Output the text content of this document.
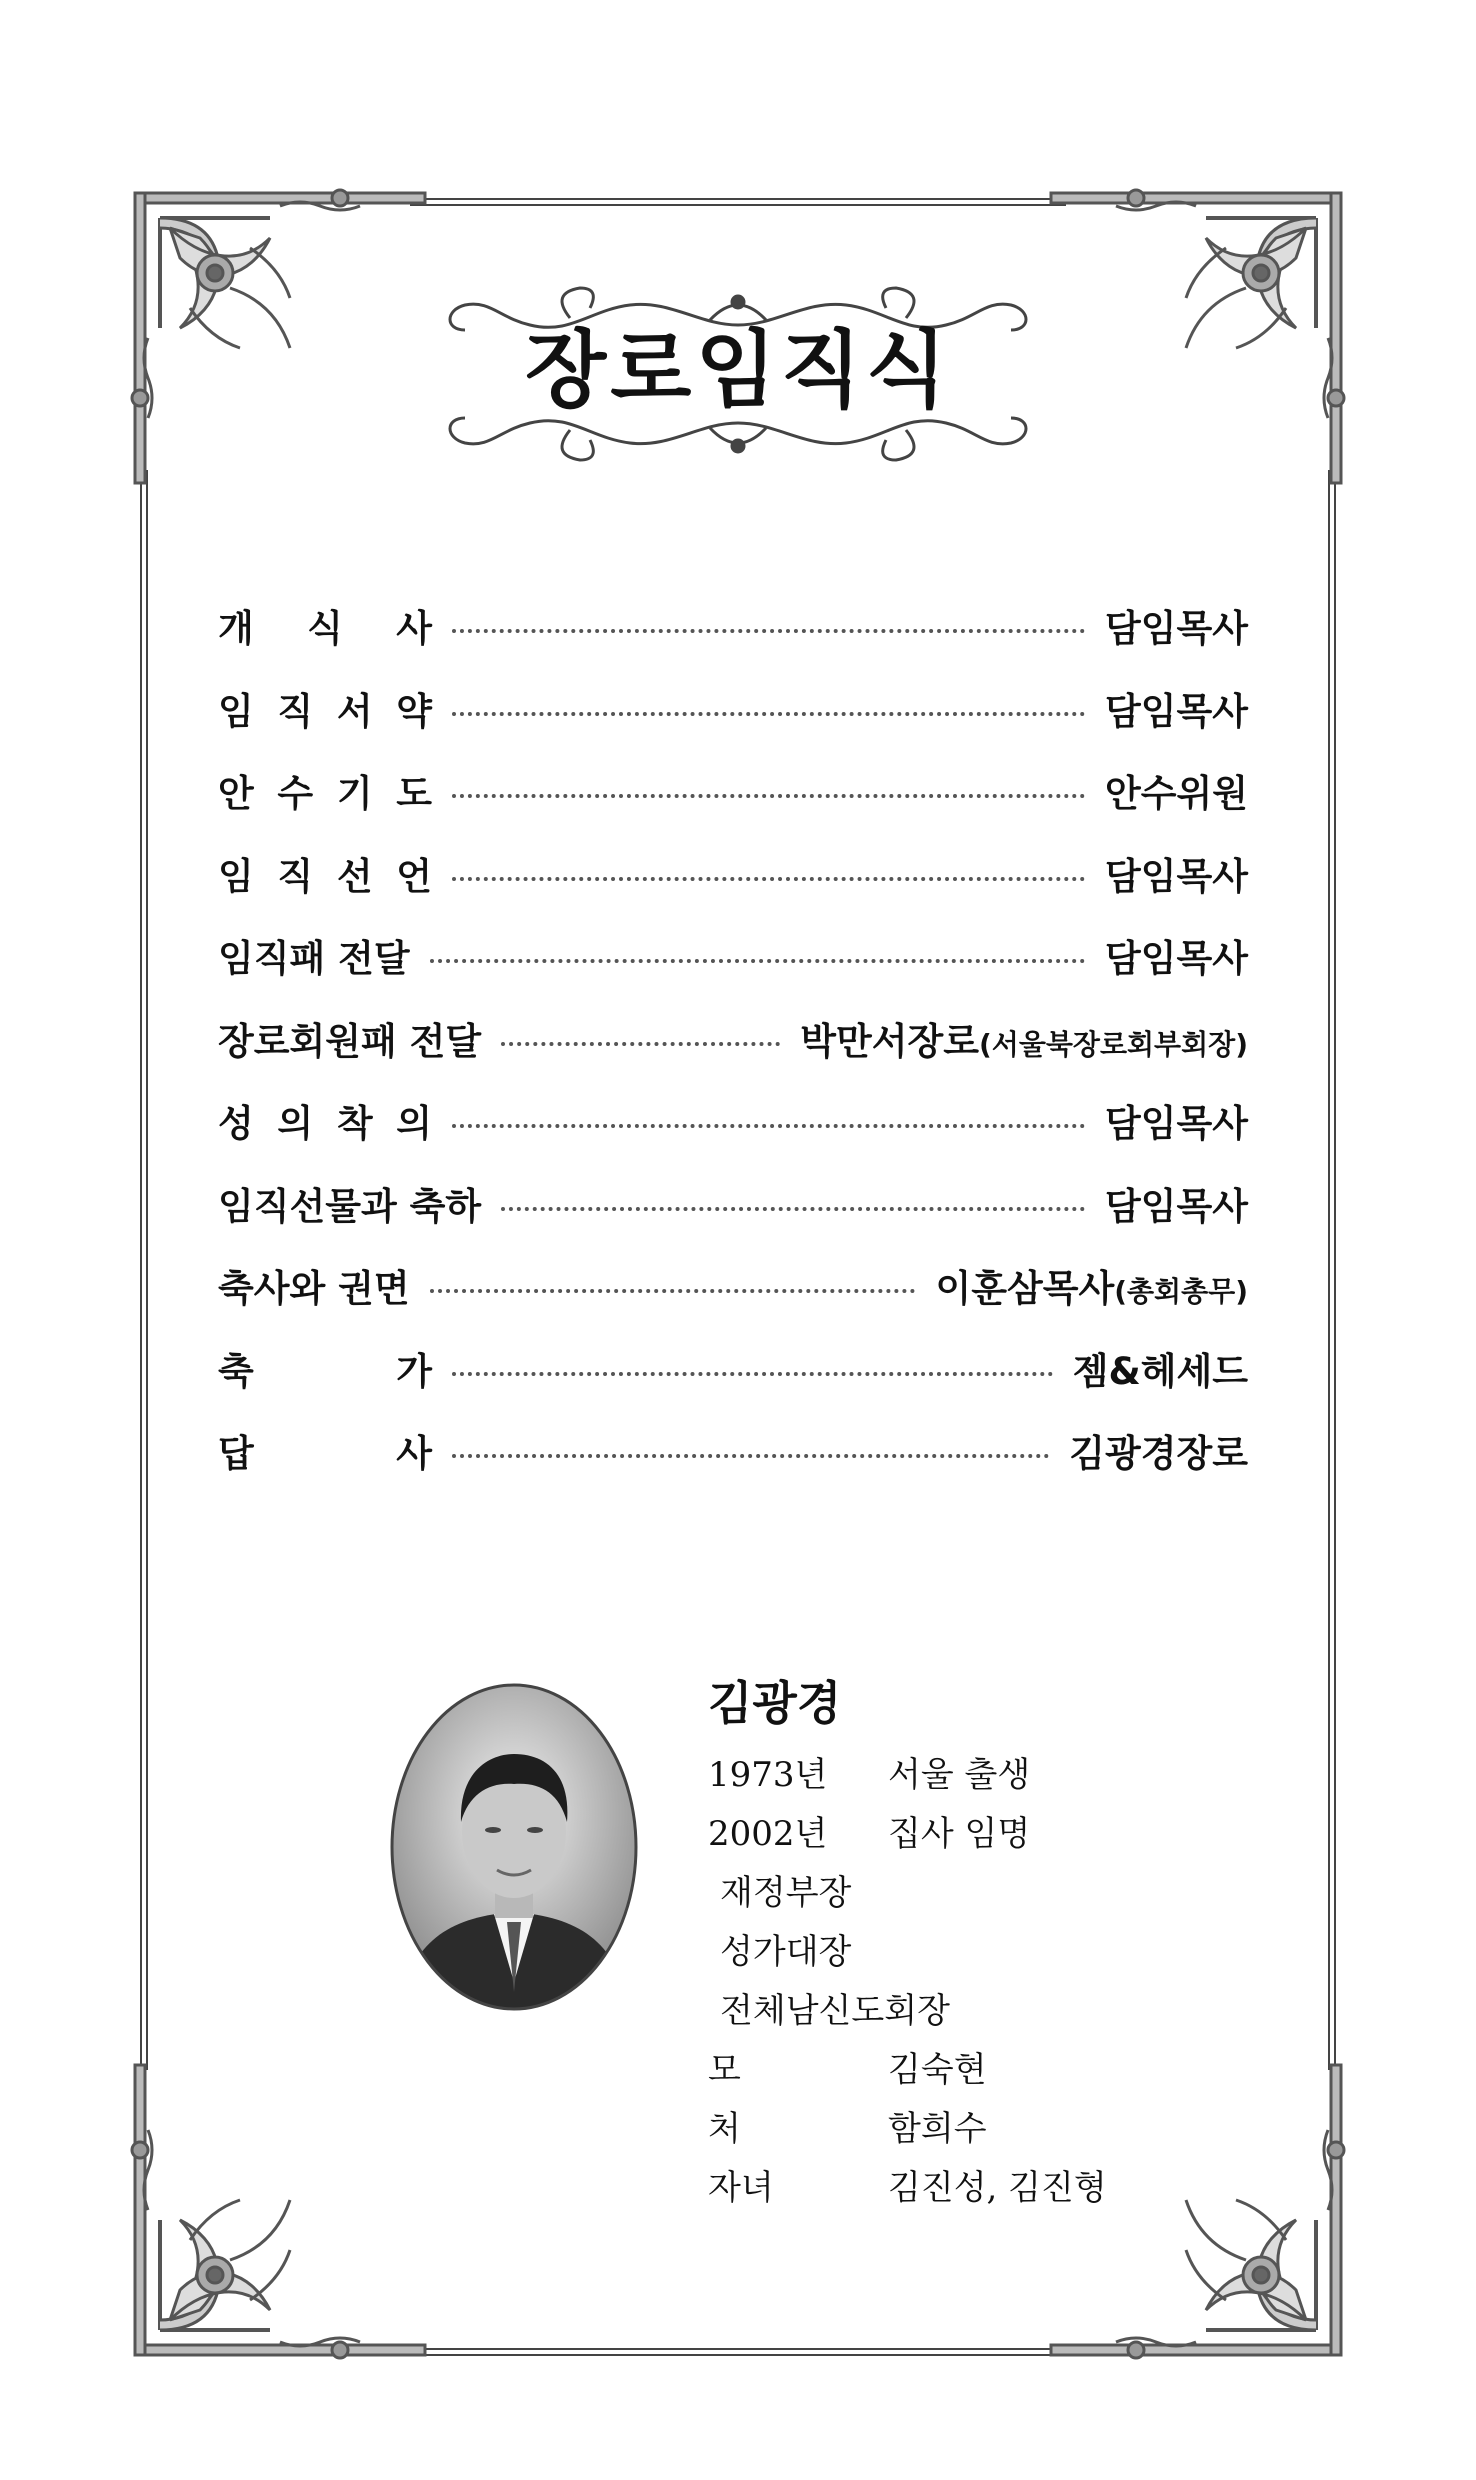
장로임직식
개 식 사	담임목사
임 직 서 약	담임목사
안 수 기 도	안수위원
임 직 선 언	담임목사
임직패 전달	담임목사
장로회원패 전달	박만서장로(서울북장로회부회장)
성 의 착 의	담임목사
임직선물과 축하	담임목사
축사와 권면	이훈삼목사(총회총무)
축	가	젬&헤세드
답	사	김광경장로
김광경
1973년 서울 출생
2002년 집사 임명
재정부장
성가대장
전체남신도회장
모	김숙현
처	함희수
자녀	김진성, 김진형
